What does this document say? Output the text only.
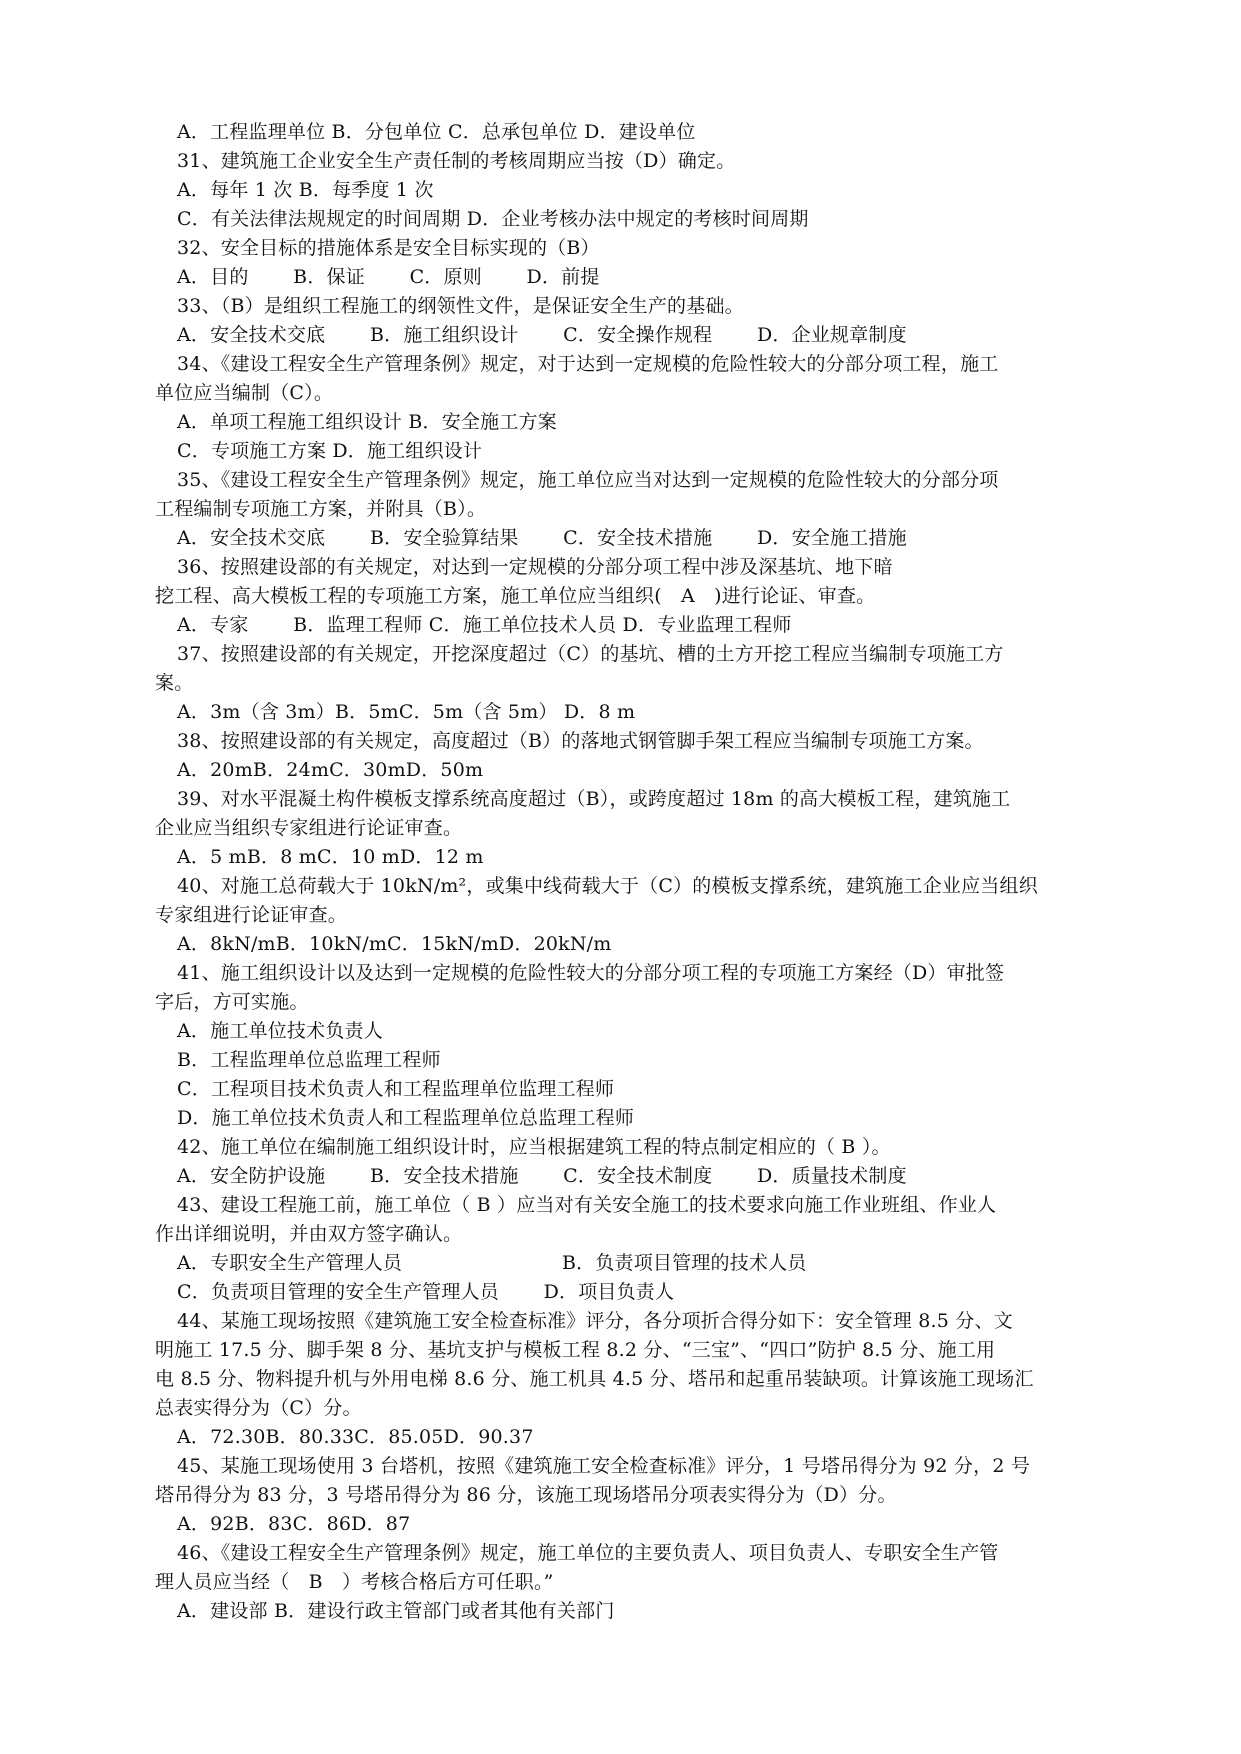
A．工程监理单位 B．分包单位 C．总承包单位 D．建设单位
31、建筑施工企业安全生产责任制的考核周期应当按（D）确定。
A．每年 1 次 B．每季度 1 次
C．有关法律法规规定的时间周期 D．企业考核办法中规定的考核时间周期
32、安全目标的措施体系是安全目标实现的（B）
A．目的　　 B．保证　　 C．原则　　 D．前提
33、（B）是组织工程施工的纲领性文件，是保证安全生产的基础。
A．安全技术交底　　 B．施工组织设计　　 C．安全操作规程　　 D．企业规章制度
34、《建设工程安全生产管理条例》规定，对于达到一定规模的危险性较大的分部分项工程，施工
单位应当编制（C）。
A．单项工程施工组织设计 B．安全施工方案
C．专项施工方案 D．施工组织设计
35、《建设工程安全生产管理条例》规定，施工单位应当对达到一定规模的危险性较大的分部分项
工程编制专项施工方案，并附具（B）。
A．安全技术交底　　 B．安全验算结果　　 C．安全技术措施　　 D．安全施工措施
36、按照建设部的有关规定，对达到一定规模的分部分项工程中涉及深基坑、地下暗
挖工程、高大模板工程的专项施工方案，施工单位应当组织(　A　)进行论证、审查。
A．专家　　 B．监理工程师 C．施工单位技术人员 D．专业监理工程师
37、按照建设部的有关规定，开挖深度超过（C）的基坑、槽的土方开挖工程应当编制专项施工方
案。
A．3m（含 3m）B．5mC．5m（含 5m） D．8 m
38、按照建设部的有关规定，高度超过（B）的落地式钢管脚手架工程应当编制专项施工方案。
A．20mB．24mC．30mD．50m
39、对水平混凝土构件模板支撑系统高度超过（B），或跨度超过 18m 的高大模板工程，建筑施工
企业应当组织专家组进行论证审查。
A．5 mB．8 mC．10 mD．12 m
40、对施工总荷载大于 10kN/m²，或集中线荷载大于（C）的模板支撑系统，建筑施工企业应当组织
专家组进行论证审查。
A．8kN/mB．10kN/mC．15kN/mD．20kN/m
41、施工组织设计以及达到一定规模的危险性较大的分部分项工程的专项施工方案经（D）审批签
字后，方可实施。
A．施工单位技术负责人
B．工程监理单位总监理工程师
C．工程项目技术负责人和工程监理单位监理工程师
D．施工单位技术负责人和工程监理单位总监理工程师
42、施工单位在编制施工组织设计时，应当根据建筑工程的特点制定相应的（ B ）。
A．安全防护设施　　 B．安全技术措施　　 C．安全技术制度　　 D．质量技术制度
43、建设工程施工前，施工单位（ B ）应当对有关安全施工的技术要求向施工作业班组、作业人
作出详细说明，并由双方签字确认。
A．专职安全生产管理人员　　　　　　　　 B．负责项目管理的技术人员
C．负责项目管理的安全生产管理人员　　 D．项目负责人
44、某施工现场按照《建筑施工安全检查标准》评分，各分项折合得分如下：安全管理 8.5 分、文
明施工 17.5 分、脚手架 8 分、基坑支护与模板工程 8.2 分、“三宝”、“四口”防护 8.5 分、施工用
电 8.5 分、物料提升机与外用电梯 8.6 分、施工机具 4.5 分、塔吊和起重吊装缺项。计算该施工现场汇
总表实得分为（C）分。
A．72.30B．80.33C．85.05D．90.37
45、某施工现场使用 3 台塔机，按照《建筑施工安全检查标准》评分，1 号塔吊得分为 92 分，2 号
塔吊得分为 83 分，3 号塔吊得分为 86 分，该施工现场塔吊分项表实得分为（D）分。
A．92B．83C．86D．87
46、《建设工程安全生产管理条例》规定，施工单位的主要负责人、项目负责人、专职安全生产管
理人员应当经（　B　）考核合格后方可任职。”
A．建设部 B．建设行政主管部门或者其他有关部门
